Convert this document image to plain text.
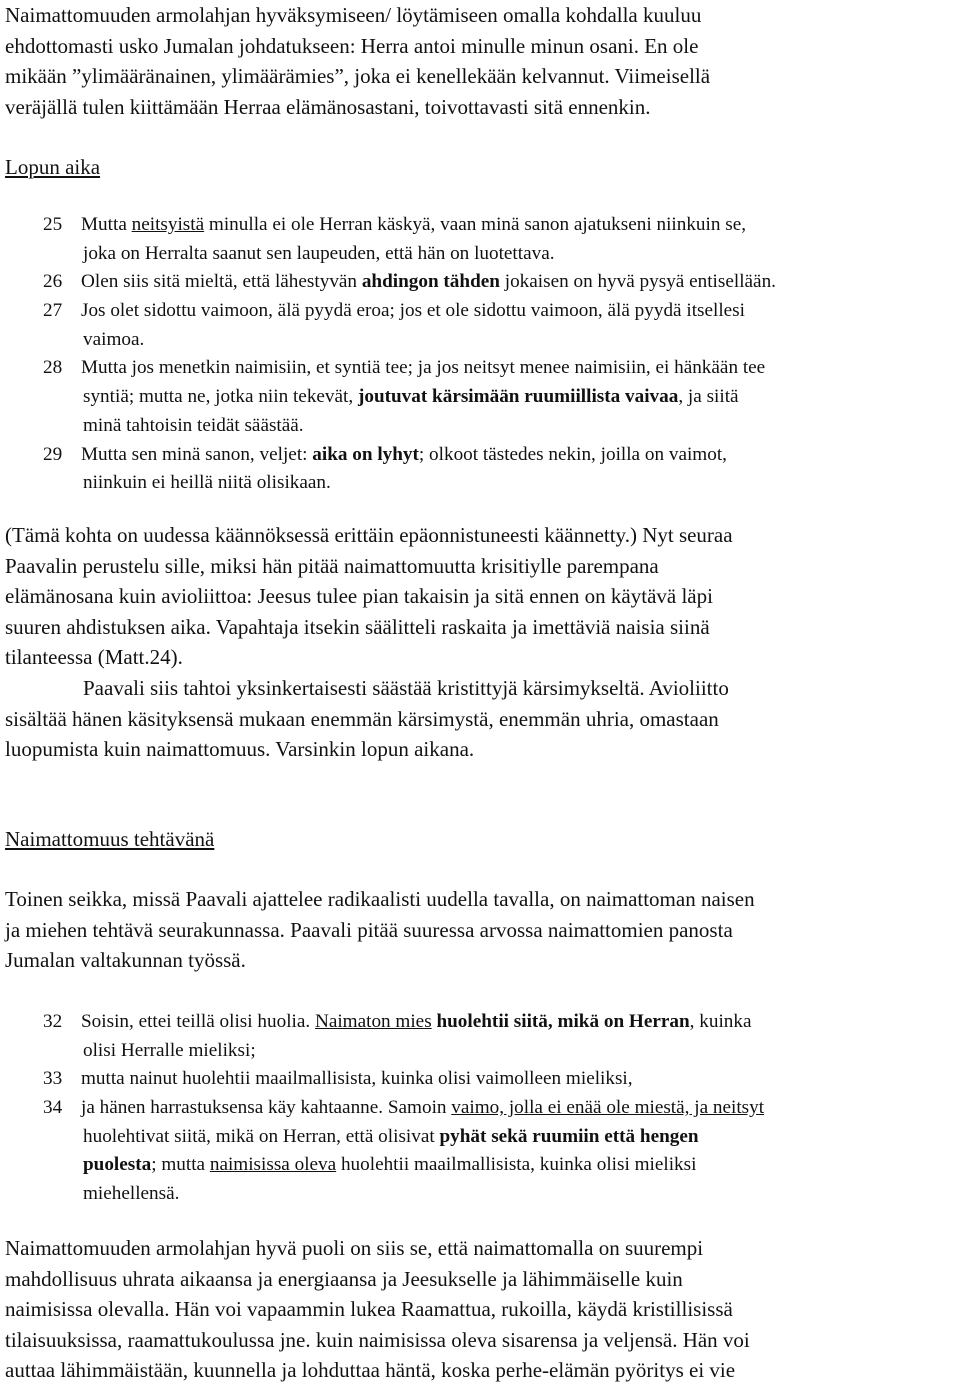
Naimattomuuden armolahjan hyväksymiseen/ löytämiseen omalla kohdalla kuuluu
ehdottomasti usko Jumalan johdatukseen: Herra antoi minulle minun osani. En ole
mikään ”ylimääränainen, ylimäärämies”, joka ei kenellekään kelvannut. Viimeisellä
veräjällä tulen kiittämään Herraa elämänosastani, toivottavasti sitä ennenkin.
Lopun aika
25 Mutta neitsyistä minulla ei ole Herran käskyä, vaan minä sanon ajatukseni niinkuin se,
joka on Herralta saanut sen laupeuden, että hän on luotettava.
26 Olen siis sitä mieltä, että lähestyvän ahdingon tähden jokaisen on hyvä pysyä entisellään.
27 Jos olet sidottu vaimoon, älä pyydä eroa; jos et ole sidottu vaimoon, älä pyydä itsellesi
vaimoa.
28 Mutta jos menetkin naimisiin, et syntiä tee; ja jos neitsyt menee naimisiin, ei hänkään tee
syntiä; mutta ne, jotka niin tekevät, joutuvat kärsimään ruumiillista vaivaa, ja siitä
minä tahtoisin teidät säästää.
29 Mutta sen minä sanon, veljet: aika on lyhyt; olkoot tästedes nekin, joilla on vaimot,
niinkuin ei heillä niitä olisikaan.
(Tämä kohta on uudessa käännöksessä erittäin epäonnistuneesti käännetty.) Nyt seuraa
Paavalin perustelu sille, miksi hän pitää naimattomuutta krisitiylle parempana
elämänosana kuin avioliittoa: Jeesus tulee pian takaisin ja sitä ennen on käytävä läpi
suuren ahdistuksen aika. Vapahtaja itsekin säälitteli raskaita ja imettäviä naisia siinä
tilanteessa (Matt.24).
Paavali siis tahtoi yksinkertaisesti säästää kristittyjä kärsimykseltä. Avioliitto
sisältää hänen käsityksensä mukaan enemmän kärsimystä, enemmän uhria, omastaan
luopumista kuin naimattomuus. Varsinkin lopun aikana.
Naimattomuus tehtävänä
Toinen seikka, missä Paavali ajattelee radikaalisti uudella tavalla, on naimattoman naisen
ja miehen tehtävä seurakunnassa. Paavali pitää suuressa arvossa naimattomien panosta
Jumalan valtakunnan työssä.
32 Soisin, ettei teillä olisi huolia. Naimaton mies huolehtii siitä, mikä on Herran, kuinka
olisi Herralle mieliksi;
33 mutta nainut huolehtii maailmallisista, kuinka olisi vaimolleen mieliksi,
34 ja hänen harrastuksensa käy kahtaanne. Samoin vaimo, jolla ei enää ole miestä, ja neitsyt
huolehtivat siitä, mikä on Herran, että olisivat pyhät sekä ruumiin että hengen
puolesta; mutta naimisissa oleva huolehtii maailmallisista, kuinka olisi mieliksi
miehellensä.
Naimattomuuden armolahjan hyvä puoli on siis se, että naimattomalla on suurempi
mahdollisuus uhrata aikaansa ja energiaansa ja Jeesukselle ja lähimmäiselle kuin
naimisissa olevalla. Hän voi vapaammin lukea Raamattua, rukoilla, käydä kristillisissä
tilaisuuksissa, raamattukoulussa jne. kuin naimisissa oleva sisarensa ja veljensä. Hän voi
auttaa lähimmäistään, kuunnella ja lohduttaa häntä, koska perhe-elämän pyöritys ei vie
